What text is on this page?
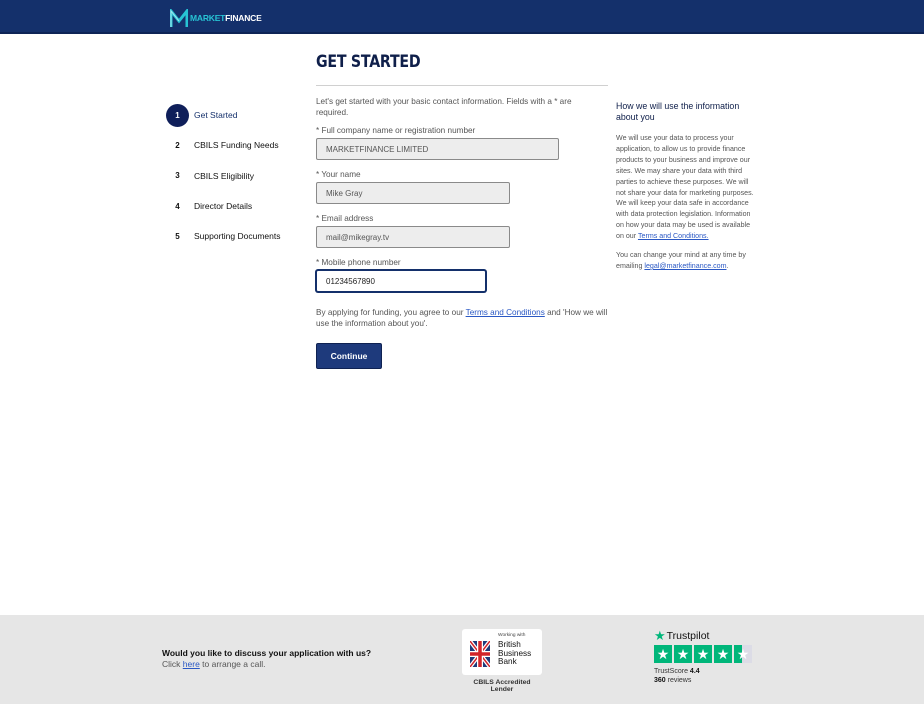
MARKETFINANCE
1	Get Started
2	CBILS Funding Needs
3	CBILS Eligibility
4	Director Details
5	Supporting Documents
GET STARTED

Let's get started with your basic contact information. Fields with a * are required.

* Full company name or registration number
MARKETFINANCE LIMITED
* Your name
Mike Gray
* Email address
mail@mikegray.tv
* Mobile phone number
01234567890

By applying for funding, you agree to our Terms and Conditions and 'How we will use the information about you'.

Continue
How we will use the information about you

We will use your data to process your application, to allow us to provide finance products to your business and improve our sites. We may share your data with third parties to achieve these purposes. We will not share your data for marketing purposes. We will keep your data safe in accordance with data protection legislation. Information on how your data may be used is available on our Terms and Conditions.

You can change your mind at any time by emailing legal@marketfinance.com.

Would you like to discuss your application with us?
Click here to arrange a call.
Working with
British
Business
Bank
CBILS Accredited Lender
★ Trustpilot
★ ★ ★ ★ ★
TrustScore 4.4
360 reviews
